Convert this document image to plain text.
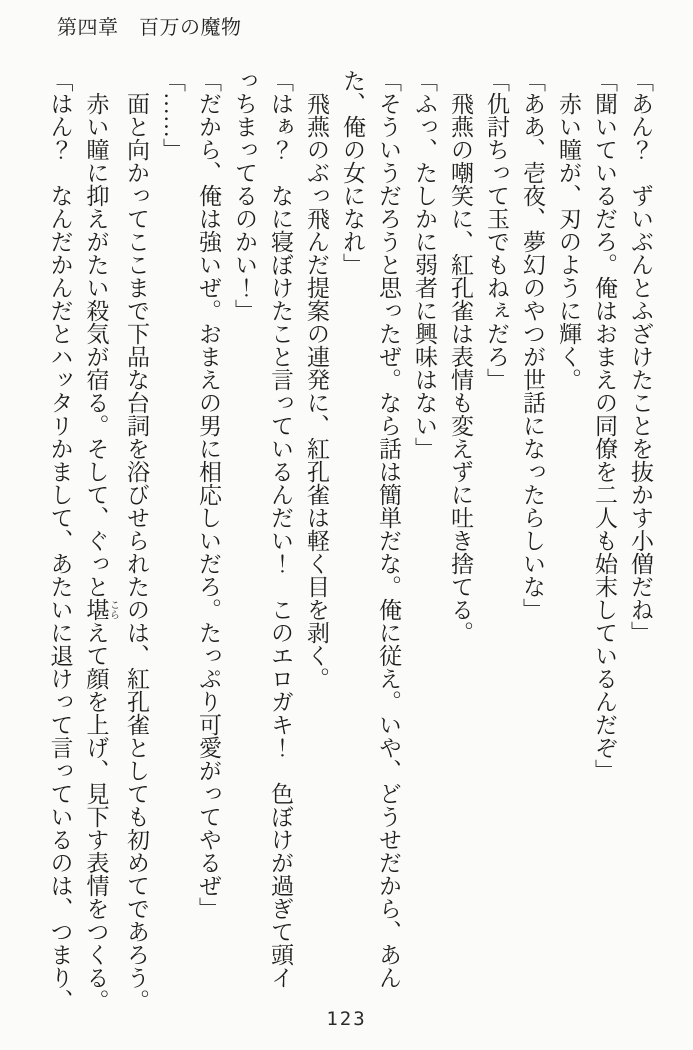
第四章　百万の魔物

「あん？　ずいぶんとふざけたことを抜かす小僧だね」

「聞いているだろ。俺はおまえの同僚を二人も始末しているんだぞ」

　赤い瞳が、刃のように輝く。

「ああ、壱夜、夢幻のやつが世話になったらしいな」

「仇討ちって玉でもねぇだろ」

　飛燕の嘲笑に、紅孔雀は表情も変えずに吐き捨てる。

「ふっ、たしかに弱者に興味はない」

「そういうだろうと思ったぜ。なら話は簡単だな。俺に従え。いや、どうせだから、あん

た、俺の女になれ」

　飛燕のぶっ飛んだ提案の連発に、紅孔雀は軽く目を剥く。

「はぁ？　なに寝ぼけたこと言っているんだい！　このエロガキ！　色ぼけが過ぎて頭イ

っちまってるのかい！」

「だから、俺は強いぜ。おまえの男に相応しいだろ。たっぷり可愛がってやるぜ」

「……」

　面と向かってここまで下品な台詞を浴びせられたのは、紅孔雀としても初めてであろう。

　赤い瞳に抑えがたい殺気が宿る。そして、ぐっと堪 こらえて顔を上げ、見下す表情をつくる。

「はん？　なんだかんだとハッタリかまして、あたいに退けって言っているのは、つまり、

123
